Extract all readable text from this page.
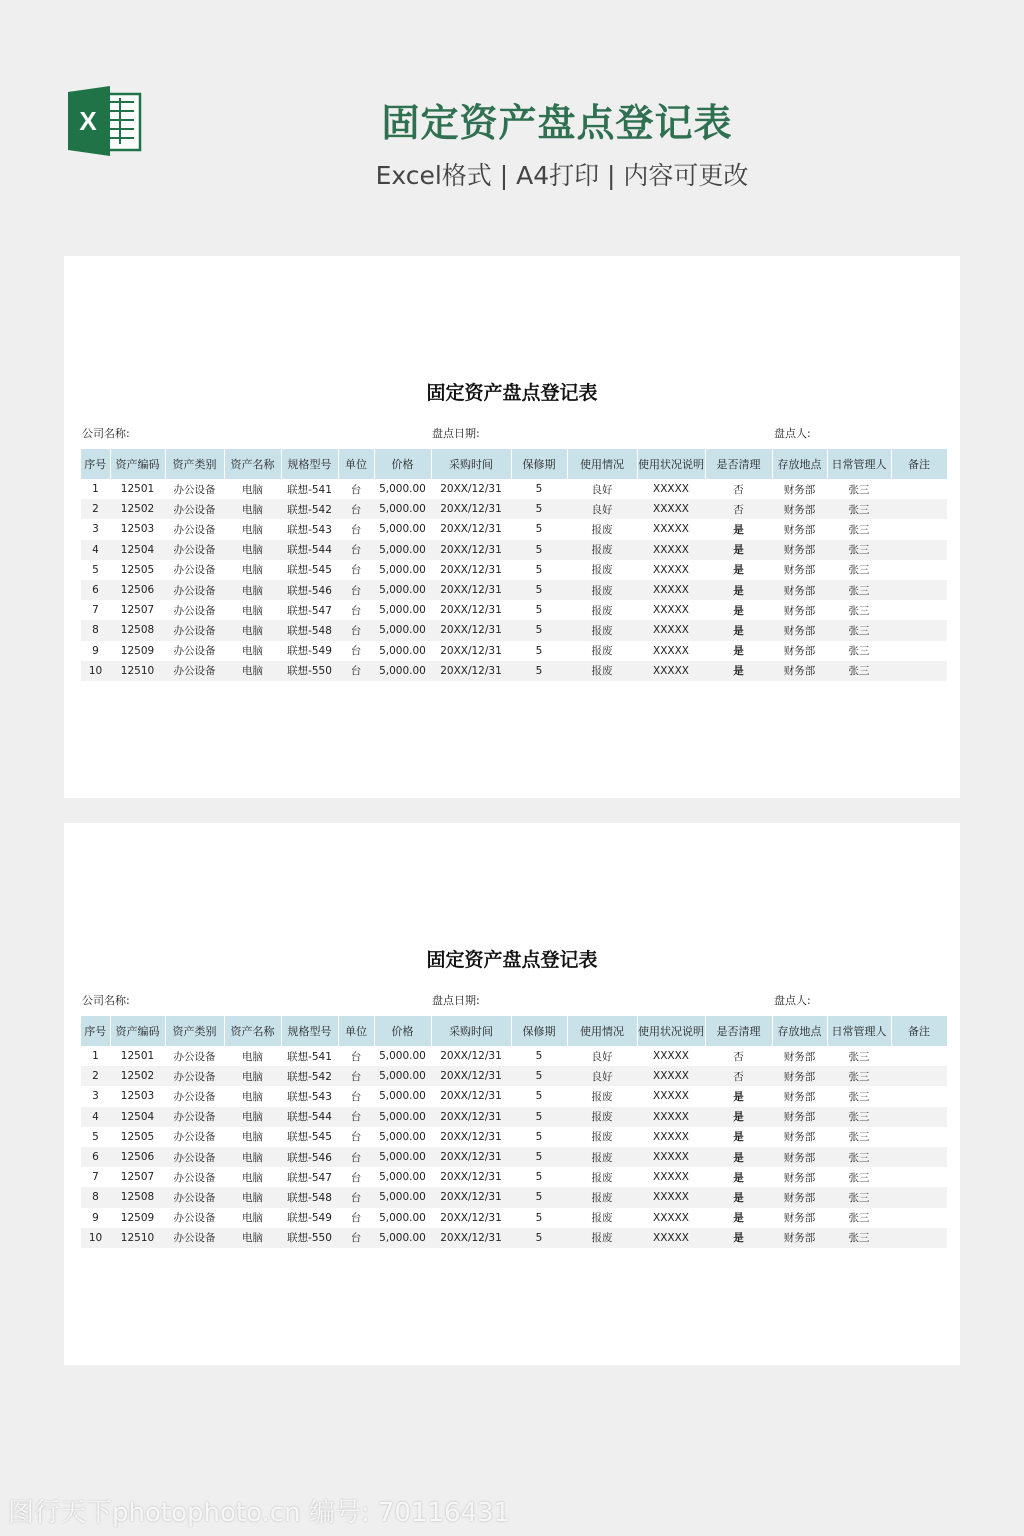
X	固定资产盘点登记表
Excel格式 | A4打印 | 内容可更改
固定资产盘点登记表
公司名称:	盘点日期:	盘点人:
序号	资产编码	资产类别	资产名称	规格型号	单位	价格	采购时间	保修期	使用情况	使用状况说明	是否清理	存放地点	日常管理人	备注
1	12501	办公设备	电脑	联想-541	台	5,000.00	20XX/12/31	5	良好	XXXXX	否	财务部	张三	
2	12502	办公设备	电脑	联想-542	台	5,000.00	20XX/12/31	5	良好	XXXXX	否	财务部	张三	
3	12503	办公设备	电脑	联想-543	台	5,000.00	20XX/12/31	5	报废	XXXXX	是	财务部	张三	
4	12504	办公设备	电脑	联想-544	台	5,000.00	20XX/12/31	5	报废	XXXXX	是	财务部	张三	
5	12505	办公设备	电脑	联想-545	台	5,000.00	20XX/12/31	5	报废	XXXXX	是	财务部	张三	
6	12506	办公设备	电脑	联想-546	台	5,000.00	20XX/12/31	5	报废	XXXXX	是	财务部	张三	
7	12507	办公设备	电脑	联想-547	台	5,000.00	20XX/12/31	5	报废	XXXXX	是	财务部	张三	
8	12508	办公设备	电脑	联想-548	台	5,000.00	20XX/12/31	5	报废	XXXXX	是	财务部	张三	
9	12509	办公设备	电脑	联想-549	台	5,000.00	20XX/12/31	5	报废	XXXXX	是	财务部	张三	
10	12510	办公设备	电脑	联想-550	台	5,000.00	20XX/12/31	5	报废	XXXXX	是	财务部	张三	
固定资产盘点登记表
公司名称:	盘点日期:	盘点人:
序号	资产编码	资产类别	资产名称	规格型号	单位	价格	采购时间	保修期	使用情况	使用状况说明	是否清理	存放地点	日常管理人	备注
1	12501	办公设备	电脑	联想-541	台	5,000.00	20XX/12/31	5	良好	XXXXX	否	财务部	张三	
2	12502	办公设备	电脑	联想-542	台	5,000.00	20XX/12/31	5	良好	XXXXX	否	财务部	张三	
3	12503	办公设备	电脑	联想-543	台	5,000.00	20XX/12/31	5	报废	XXXXX	是	财务部	张三	
4	12504	办公设备	电脑	联想-544	台	5,000.00	20XX/12/31	5	报废	XXXXX	是	财务部	张三	
5	12505	办公设备	电脑	联想-545	台	5,000.00	20XX/12/31	5	报废	XXXXX	是	财务部	张三	
6	12506	办公设备	电脑	联想-546	台	5,000.00	20XX/12/31	5	报废	XXXXX	是	财务部	张三	
7	12507	办公设备	电脑	联想-547	台	5,000.00	20XX/12/31	5	报废	XXXXX	是	财务部	张三	
8	12508	办公设备	电脑	联想-548	台	5,000.00	20XX/12/31	5	报废	XXXXX	是	财务部	张三	
9	12509	办公设备	电脑	联想-549	台	5,000.00	20XX/12/31	5	报废	XXXXX	是	财务部	张三	
10	12510	办公设备	电脑	联想-550	台	5,000.00	20XX/12/31	5	报废	XXXXX	是	财务部	张三	
图行天下photophoto.cn 编号: 70116431
